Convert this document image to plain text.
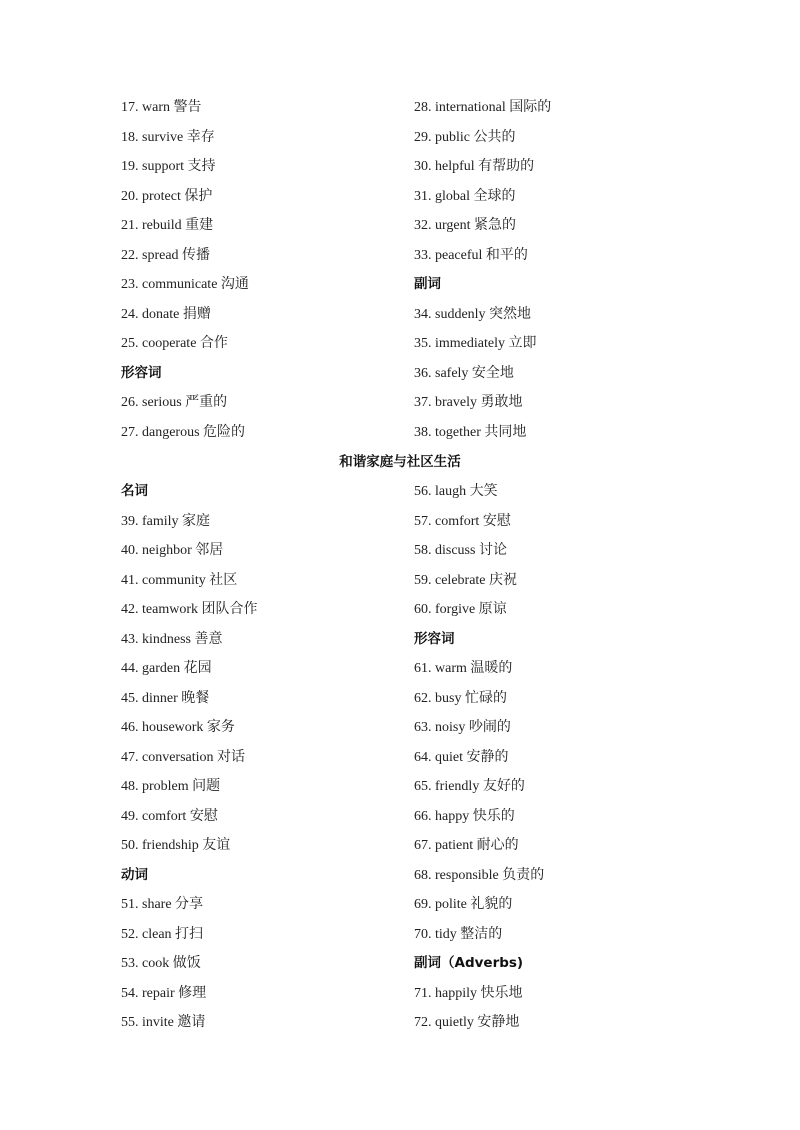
17. warn 警告
18. survive 幸存
19. support 支持
20. protect 保护
21. rebuild 重建
22. spread 传播
23. communicate 沟通
24. donate 捐赠
25. cooperate 合作
形容词
26. serious 严重的
27. dangerous 危险的
28. international 国际的
29. public 公共的
30. helpful 有帮助的
31. global 全球的
32. urgent 紧急的
33. peaceful 和平的
副词
34. suddenly 突然地
35. immediately 立即
36. safely 安全地
37. bravely 勇敢地
38. together 共同地
和谐家庭与社区生活
名词
39. family 家庭
40. neighbor 邻居
41. community 社区
42. teamwork 团队合作
43. kindness 善意
44. garden 花园
45. dinner 晚餐
46. housework 家务
47. conversation 对话
48. problem 问题
49. comfort 安慰
50. friendship 友谊
动词
51. share 分享
52. clean 打扫
53. cook 做饭
54. repair 修理
55. invite 邀请
56. laugh 大笑
57. comfort 安慰
58. discuss 讨论
59. celebrate 庆祝
60. forgive 原谅
形容词
61. warm 温暖的
62. busy 忙碌的
63. noisy 吵闹的
64. quiet 安静的
65. friendly 友好的
66. happy 快乐的
67. patient 耐心的
68. responsible 负责的
69. polite 礼貌的
70. tidy 整洁的
副词（Adverbs)
71. happily 快乐地
72. quietly 安静地
